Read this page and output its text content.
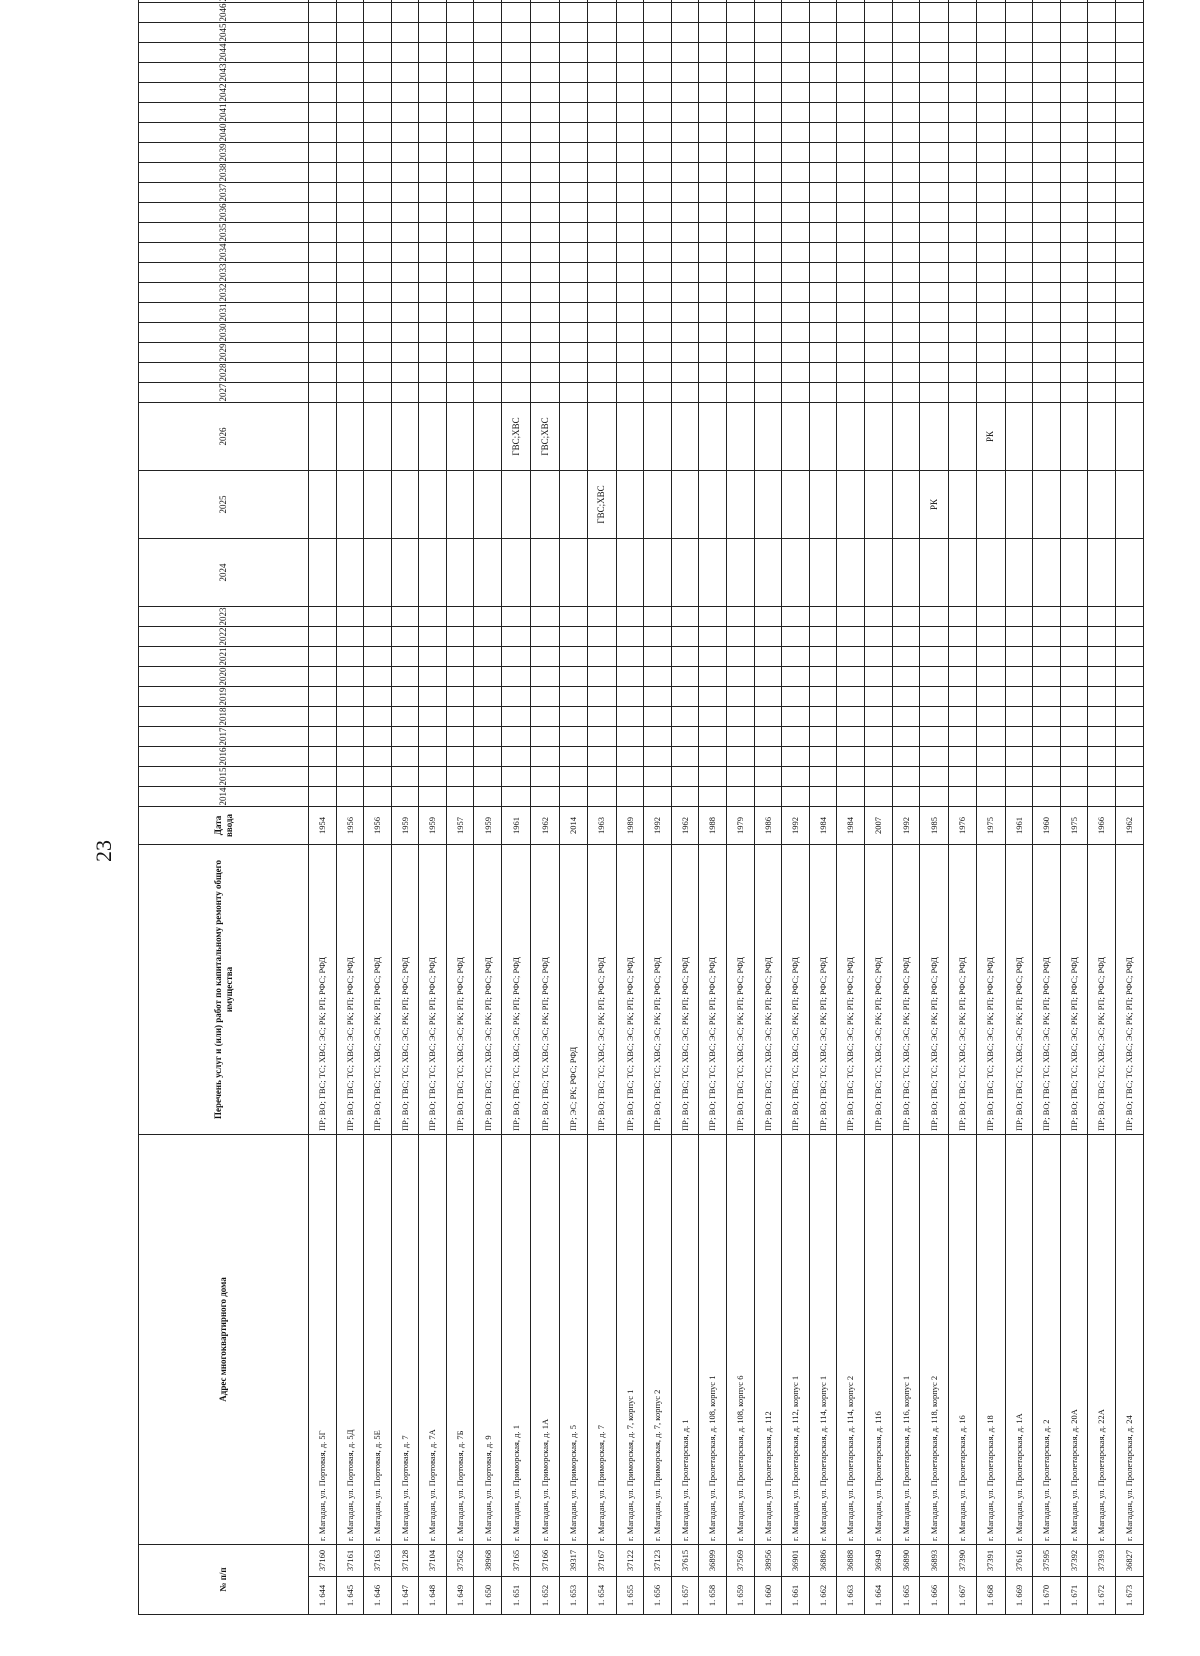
23
№ п/п		Адрес многоквартирного дома	Перечень услуг и (или) работ по капитальному ремонту общего имущества	Дата ввода	2014	2015	2016	2017	2018	2019	2020	2021	2022	2023	2024	2025	2026	2027	2028	2029	2030	2031	2032	2033	2034	2035	2036	2037	2038	2039	2040	2041	2042	2043	2044	2045	2046				
1. 644	37160	г. Магадан, ул. Портовая, д. 5Г	ПР; ВО; ГВС; ТС; ХВС; ЭС; РК; РП; РФС; РФД	1954																																					
1. 645	37161	г. Магадан, ул. Портовая, д. 5Д	ПР; ВО; ГВС; ТС; ХВС; ЭС; РК; РП; РФС; РФД	1956																																					
1. 646	37163	г. Магадан, ул. Портовая, д. 5Е	ПР; ВО; ГВС; ТС; ХВС; ЭС; РК; РП; РФС; РФД	1956																																					
1. 647	37128	г. Магадан, ул. Портовая, д. 7	ПР; ВО; ГВС; ТС; ХВС; ЭС; РК; РП; РФС; РФД	1959																																					
1. 648	37104	г. Магадан, ул. Портовая, д. 7А	ПР; ВО; ГВС; ТС; ХВС; ЭС; РК; РП; РФС; РФД	1959																																					
1. 649	37562	г. Магадан, ул. Портовая, д. 7Б	ПР; ВО; ГВС; ТС; ХВС; ЭС; РК; РП; РФС; РФД	1957																																					
1. 650	38968	г. Магадан, ул. Портовая, д. 9	ПР; ВО; ГВС; ТС; ХВС; ЭС; РК; РП; РФС; РФД	1959																																					
1. 651	37165	г. Магадан, ул. Приморская, д. 1	ПР; ВО; ГВС; ТС; ХВС; ЭС; РК; РП; РФС; РФД	1961													ГВС;ХВС																								
1. 652	37166	г. Магадан, ул. Приморская, д. 1А	ПР; ВО; ГВС; ТС; ХВС; ЭС; РК; РП; РФС; РФД	1962													ГВС;ХВС																								
1. 653	39317	г. Магадан, ул. Приморская, д. 5	ПР; ЭС; РК; РФС; РФД	2014																																					
1. 654	37167	г. Магадан, ул. Приморская, д. 7	ПР; ВО; ГВС; ТС; ХВС; ЭС; РК; РП; РФС; РФД	1963												ГВС;ХВС																									
1. 655	37122	г. Магадан, ул. Приморская, д. 7, корпус 1	ПР; ВО; ГВС; ТС; ХВС; ЭС; РК; РП; РФС; РФД	1989																																					
1. 656	37123	г. Магадан, ул. Приморская, д. 7, корпус 2	ПР; ВО; ГВС; ТС; ХВС; ЭС; РК; РП; РФС; РФД	1992																																					
1. 657	37615	г. Магадан, ул. Пролетарская, д. 1	ПР; ВО; ГВС; ТС; ХВС; ЭС; РК; РП; РФС; РФД	1962																																					
1. 658	36899	г. Магадан, ул. Пролетарская, д. 108, корпус 1	ПР; ВО; ГВС; ТС; ХВС; ЭС; РК; РП; РФС; РФД	1988																																					
1. 659	37569	г. Магадан, ул. Пролетарская, д. 108, корпус 6	ПР; ВО; ГВС; ТС; ХВС; ЭС; РК; РП; РФС; РФД	1979																																					
1. 660	38956	г. Магадан, ул. Пролетарская, д. 112	ПР; ВО; ГВС; ТС; ХВС; ЭС; РК; РП; РФС; РФД	1986																																					
1. 661	36901	г. Магадан, ул. Пролетарская, д. 112, корпус 1	ПР; ВО; ГВС; ТС; ХВС; ЭС; РК; РП; РФС; РФД	1992																																					
1. 662	36886	г. Магадан, ул. Пролетарская, д. 114, корпус 1	ПР; ВО; ГВС; ТС; ХВС; ЭС; РК; РП; РФС; РФД	1984																																					
1. 663	36888	г. Магадан, ул. Пролетарская, д. 114, корпус 2	ПР; ВО; ГВС; ТС; ХВС; ЭС; РК; РП; РФС; РФД	1984																																					
1. 664	36949	г. Магадан, ул. Пролетарская, д. 116	ПР; ВО; ГВС; ТС; ХВС; ЭС; РК; РП; РФС; РФД	2007																																					
1. 665	36890	г. Магадан, ул. Пролетарская, д. 116, корпус 1	ПР; ВО; ГВС; ТС; ХВС; ЭС; РК; РП; РФС; РФД	1992																																					
1. 666	36893	г. Магадан, ул. Пролетарская, д. 118, корпус 2	ПР; ВО; ГВС; ТС; ХВС; ЭС; РК; РП; РФС; РФД	1985												РК																									
1. 667	37390	г. Магадан, ул. Пролетарская, д. 16	ПР; ВО; ГВС; ТС; ХВС; ЭС; РК; РП; РФС; РФД	1976																																					
1. 668	37391	г. Магадан, ул. Пролетарская, д. 18	ПР; ВО; ГВС; ТС; ХВС; ЭС; РК; РП; РФС; РФД	1975													РК																								
1. 669	37616	г. Магадан, ул. Пролетарская, д. 1А	ПР; ВО; ГВС; ТС; ХВС; ЭС; РК; РП; РФС; РФД	1961																																					
1. 670	37595	г. Магадан, ул. Пролетарская, д. 2	ПР; ВО; ГВС; ТС; ХВС; ЭС; РК; РП; РФС; РФД	1960																																					
1. 671	37392	г. Магадан, ул. Пролетарская, д. 20А	ПР; ВО; ГВС; ТС; ХВС; ЭС; РК; РП; РФС; РФД	1975																																					
1. 672	37393	г. Магадан, ул. Пролетарская, д. 22А	ПР; ВО; ГВС; ТС; ХВС; ЭС; РК; РП; РФС; РФД	1966																																					
1. 673	36827	г. Магадан, ул. Пролетарская, д. 24	ПР; ВО; ГВС; ТС; ХВС; ЭС; РК; РП; РФС; РФД	1962																																					
